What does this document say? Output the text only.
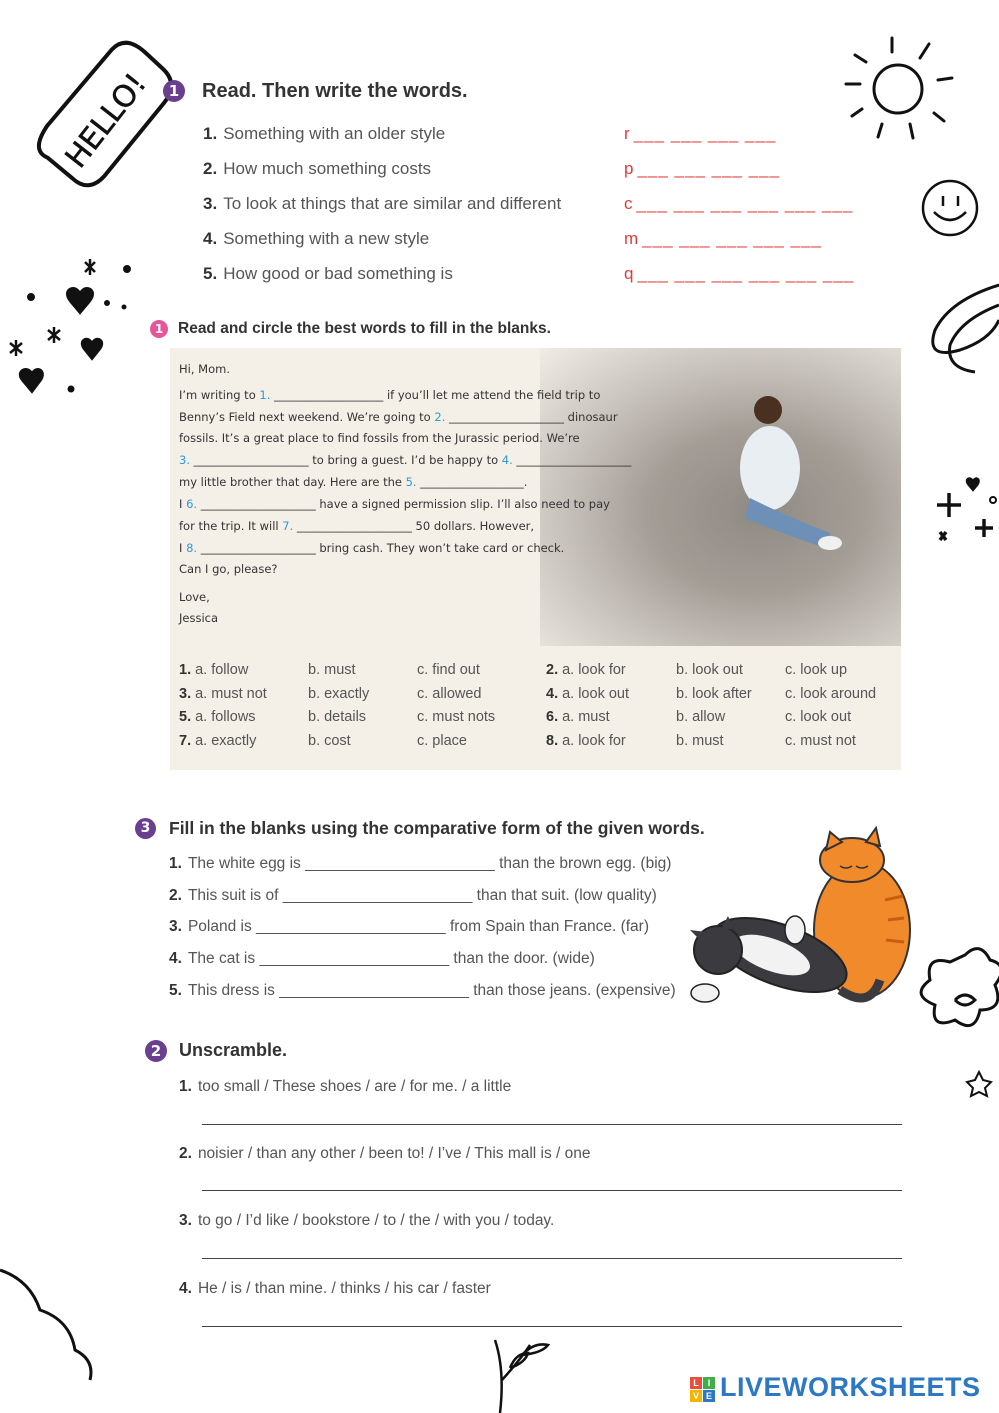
HELLO!	1 Read. Then write the words.
1. Something with an older style	r ___ ___ ___ ___
2. How much something costs	p ___ ___ ___ ___
3. To look at things that are similar and different	c ___ ___ ___ ___ ___ ___
4. Something with a new style	m ___ ___ ___ ___ ___
5. How good or bad something is	q ___ ___ ___ ___ ___ ___
1 Read and circle the best words to fill in the blanks.
Hi, Mom.
I’m writing to 1. ___________________ if you’ll let me attend the field trip to
Benny’s Field next weekend. We’re going to 2. ____________________ dinosaur
fossils. It’s a great place to find fossils from the Jurassic period. We’re
3. ____________________ to bring a guest. I’d be happy to 4. ____________________
my little brother that day. Here are the 5. __________________.
I 6. ____________________ have a signed permission slip. I’ll also need to pay
for the trip. It will 7. ____________________ 50 dollars. However,
I 8. ____________________ bring cash. They won’t take card or check.
Can I go, please?
Love,
Jessica
1. a. follow	b. must	c. find out	2. a. look for	b. look out	c. look up
3. a. must not	b. exactly	c. allowed	4. a. look out	b. look after c. look around
5. a. follows	b. details	c. must nots	6. a. must	b. allow	c. look out
7. a. exactly	b. cost	c. place	8. a. look for	b. must	c. must not
3	Fill in the blanks using the comparative form of the given words.
1. The white egg is ______________________ than the brown egg. (big)
2. This suit is of ______________________ than that suit. (low quality)
3. Poland is ______________________ from Spain than France. (far)
4. The cat is ______________________ than the door. (wide)
5. This dress is ______________________ than those jeans. (expensive)
2 Unscramble.
1. too small / These shoes / are / for me. / a little
2. noisier / than any other / been to! / I’ve / This mall is / one
3. to go / I’d like / bookstore / to / the / with you / today.
4. He / is / than mine. / thinks / his car / faster
L I
V E LIVEWORKSHEETS
